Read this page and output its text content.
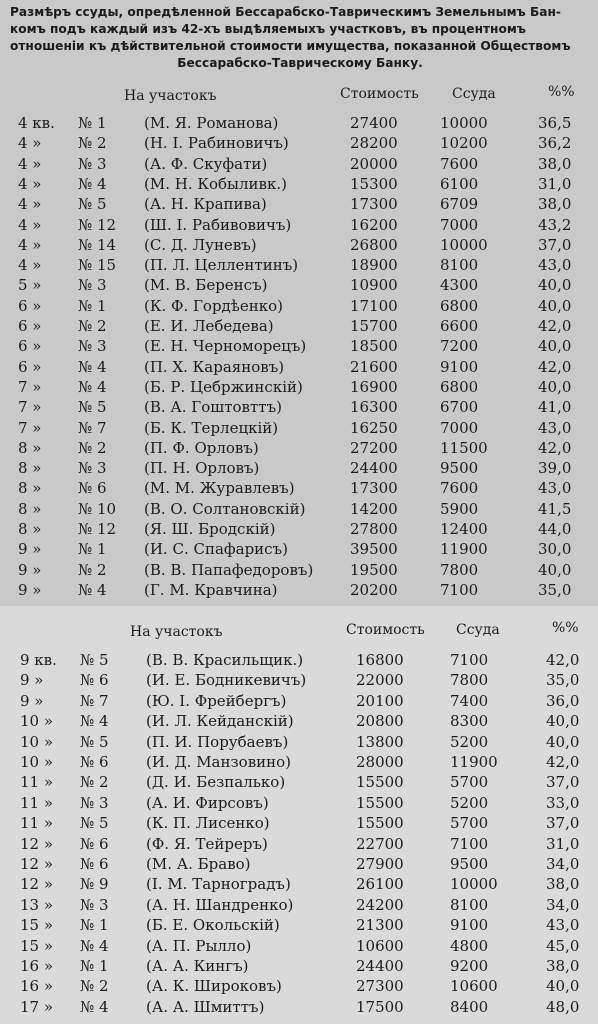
Размѣръ ссуды, опредѣленной Бессарабско-Таврическимъ Земельнымъ Бан-
комъ подъ каждый изъ 42-хъ выдѣляемыхъ участковъ, въ процентномъ
отношеніи къ дѣйствительной стоимости имущества, показанной Обществомъ

Бессарабско-Таврическому Банку.
На участокъ	Стоимость Ссуда	%%
4 кв.	№ 1	(М. Я. Романова)	27400	10000	36,5
4 »	№ 2	(Н. І. Рабиновичъ)	28200	10200	36,2
4 »	№ 3	(А. Ф. Скуфати)	20000	7600	38,0
4 »	№ 4	(М. Н. Кобыливк.)	15300	6100	31,0
4 »	№ 5	(А. Н. Крапива)	17300	6709	38,0
4 »	№ 12	(Ш. І. Рабивовичъ)	16200	7000	43,2
4 »	№ 14	(С. Д. Луневъ)	26800	10000	37,0
4 »	№ 15	(П. Л. Целлентинъ)	18900	8100	43,0
5 »	№ 3	(М. В. Беренсъ)	10900	4300	40,0
6 »	№ 1	(К. Ф. Гордѣенко)	17100	6800	40,0
6 »	№ 2	(Е. И. Лебедева)	15700	6600	42,0
6 »	№ 3	(Е. Н. Черноморецъ)	18500	7200	40,0
6 »	№ 4	(П. Х. Караяновъ)	21600	9100	42,0
7 »	№ 4	(Б. Р. Цебржинскій)	16900	6800	40,0
7 »	№ 5	(В. А. Гоштовттъ)	16300	6700	41,0
7 »	№ 7	(Б. К. Терлецкій)	16250	7000	43,0
8 »	№ 2	(П. Ф. Орловъ)	27200	11500	42,0
8 »	№ 3	(П. Н. Орловъ)	24400	9500	39,0
8 »	№ 6	(М. М. Журавлевъ)	17300	7600	43,0
8 »	№ 10	(В. О. Солтановскій)	14200	5900	41,5
8 »	№ 12	(Я. Ш. Бродскій)	27800	12400	44,0
9 »	№ 1	(И. С. Спафарисъ)	39500	11900	30,0
9 »	№ 2	(В. В. Папафедоровъ)	19500	7800	40,0
9 »	№ 4	(Г. М. Кравчина)	20200	7100	35,0
На участокъ	Стоимость Ссуда	%%
9 кв.	№ 5	(В. В. Красильщик.)	16800	7100	42,0
9 »	№ 6	(И. Е. Бодникевичъ)	22000	7800	35,0
9 »	№ 7	(Ю. І. Фрейбергъ)	20100	7400	36,0
10 »	№ 4	(И. Л. Кейданскій)	20800	8300	40,0
10 »	№ 5	(П. И. Порубаевъ)	13800	5200	40,0
10 »	№ 6	(И. Д. Манзовино)	28000	11900	42,0
11 »	№ 2	(Д. И. Безпалько)	15500	5700	37,0
11 »	№ 3	(А. И. Фирсовъ)	15500	5200	33,0
11 »	№ 5	(К. П. Лисенко)	15500	5700	37,0
12 »	№ 6	(Ф. Я. Тейреръ)	22700	7100	31,0
12 »	№ 6	(М. А. Браво)	27900	9500	34,0
12 »	№ 9	(І. М. Тарноградъ)	26100	10000	38,0
13 »	№ 3	(А. Н. Шандренко)	24200	8100	34,0
15 »	№ 1	(Б. Е. Окольскій)	21300	9100	43,0
15 »	№ 4	(А. П. Рылло)	10600	4800	45,0
16 »	№ 1	(А. А. Кингъ)	24400	9200	38,0
16 »	№ 2	(А. К. Широковъ)	27300	10600	40,0
17 »	№ 4	(А. А. Шмиттъ)	17500	8400	48,0
